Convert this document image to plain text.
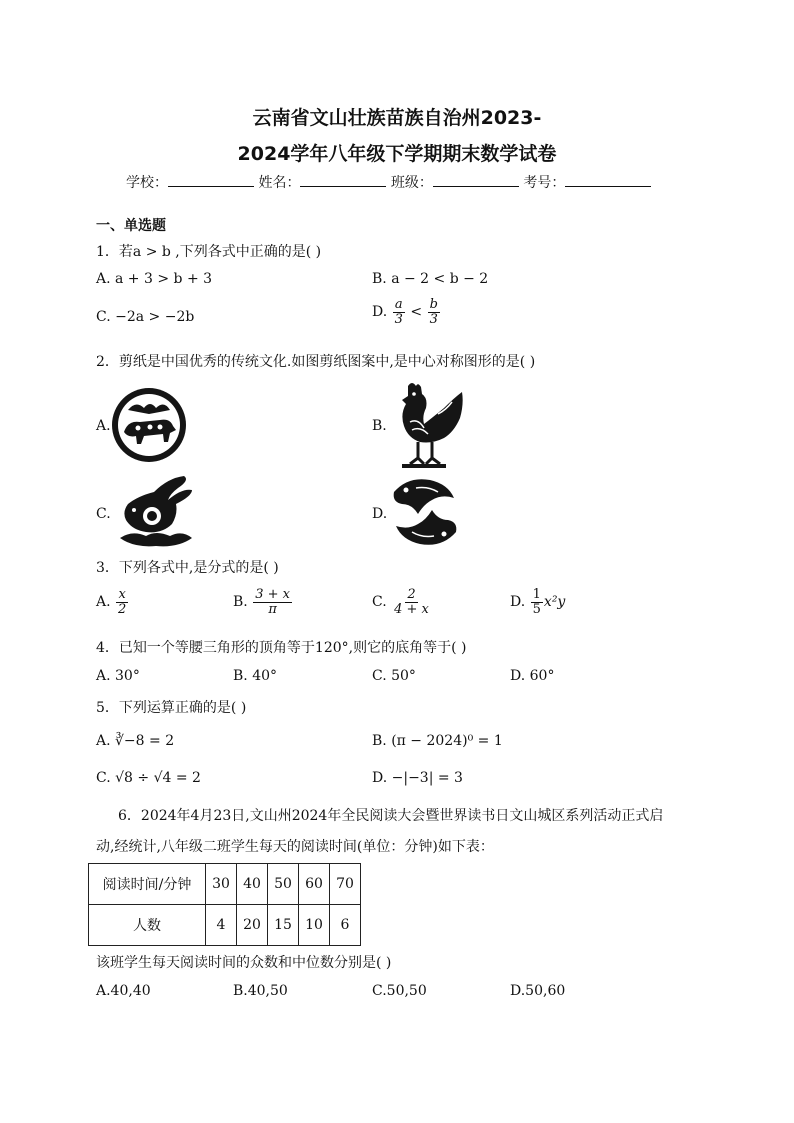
云南省文山壮族苗族自治州2023-
2024学年八年级下学期期末数学试卷
学校：	姓名：	班级：	考号：
一、单选题
1．若a > b ,下列各式中正确的是( )
A. a + 3 > b + 3	B. a − 2 < b − 2
C. −2a > −2b	D. $\frac{a}{3} < \frac{b}{3}$
2．剪纸是中国优秀的传统文化.如图剪纸图案中,是中心对称图形的是( )
A.	B.
C.	D.
3．下列各式中,是分式的是( )
A. $\frac{x}{2}$	B. $\frac{3 + x}{\pi}$	C. $\frac{2}{4 + x}$	D. $\frac{1}{5} x^2y$
4．已知一个等腰三角形的顶角等于120°,则它的底角等于( )
A. 30°	B. 40°	C. 50°	D. 60°
5．下列运算正确的是( )
A. ∛−8 = 2	B. (π − 2024)⁰ = 1
C. √8 ÷ √4 = 2	D. −|−3| = 3
6．2024年4月23日,文山州2024年全民阅读大会暨世界读书日文山城区系列活动正式启
动,经统计,八年级二班学生每天的阅读时间(单位：分钟)如下表：
阅读时间/分钟	30	40	50	60	70
人数	4	20	15	10	6
该班学生每天阅读时间的众数和中位数分别是( )
A.40,40	B.40,50	C.50,50	D.50,60
